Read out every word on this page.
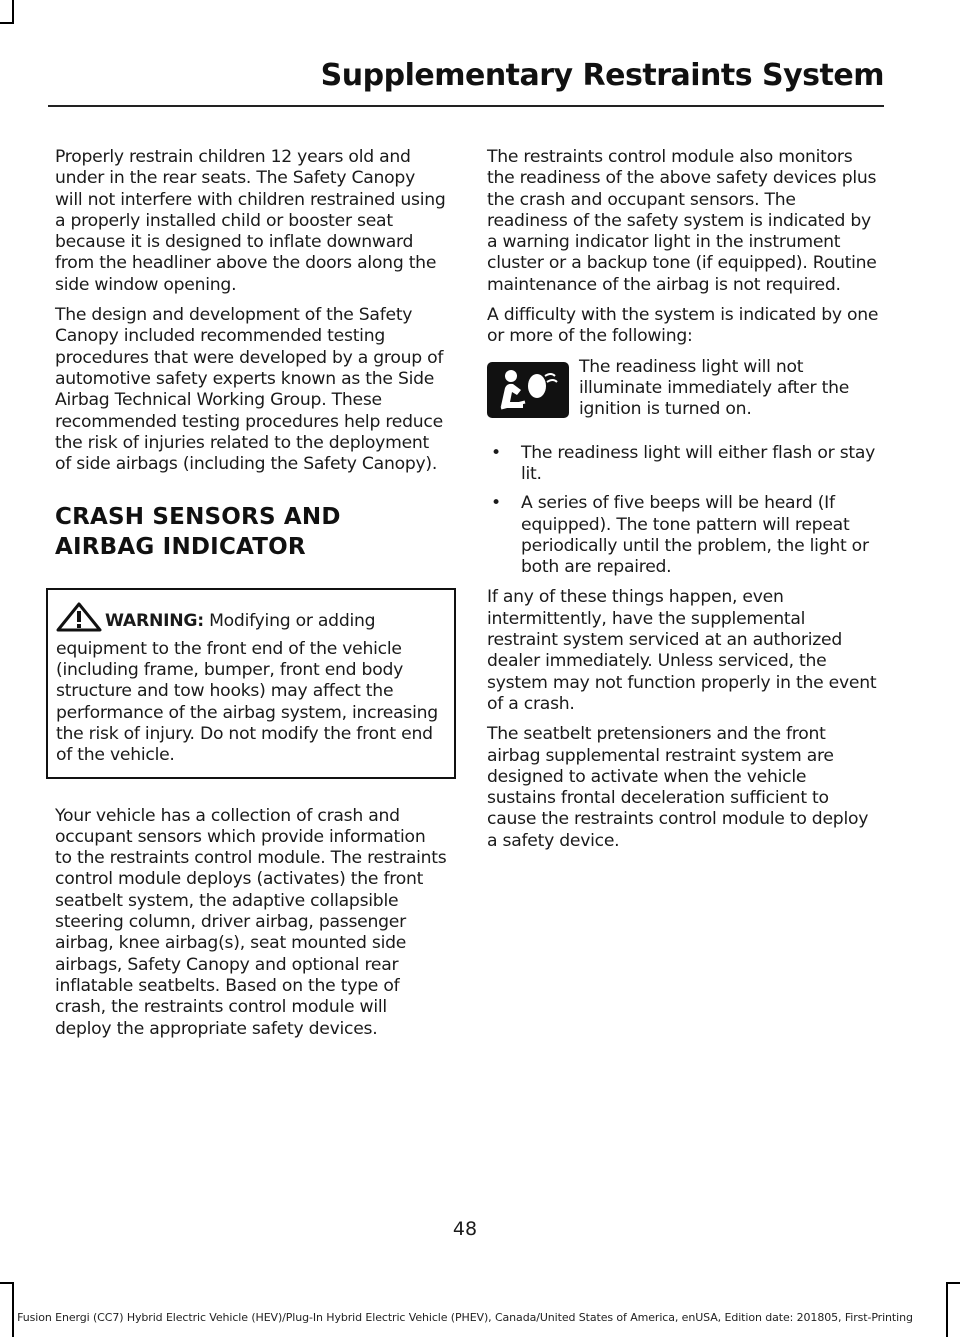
Supplementary Restraints System

Properly restrain children 12 years old and under in the rear seats. The Safety Canopy will not interfere with children restrained using a properly installed child or booster seat because it is designed to inflate downward from the headliner above the doors along the side window opening.

The design and development of the Safety Canopy included recommended testing procedures that were developed by a group of automotive safety experts known as the Side Airbag Technical Working Group. These recommended testing procedures help reduce the risk of injuries related to the deployment of side airbags (including the Safety Canopy).

CRASH SENSORS AND
AIRBAG INDICATOR
WARNING: Modifying or adding equipment to the front end of the vehicle (including frame, bumper, front end body structure and tow hooks) may affect the performance of the airbag system, increasing the risk of injury. Do not modify the front end of the vehicle.

Your vehicle has a collection of crash and occupant sensors which provide information to the restraints control module. The restraints control module deploys (activates) the front seatbelt system, the adaptive collapsible steering column, driver airbag, passenger airbag, knee airbag(s), seat mounted side airbags, Safety Canopy and optional rear inflatable seatbelts. Based on the type of crash, the restraints control module will deploy the appropriate safety devices.

The restraints control module also monitors the readiness of the above safety devices plus the crash and occupant sensors. The readiness of the safety system is indicated by a warning indicator light in the instrument cluster or a backup tone (if equipped). Routine maintenance of the airbag is not required.

A difficulty with the system is indicated by one or more of the following:

The readiness light will not illuminate immediately after the ignition is turned on.

• The readiness light will either flash or stay lit.
• A series of five beeps will be heard (If equipped). The tone pattern will repeat periodically until the problem, the light or both are repaired.

If any of these things happen, even intermittently, have the supplemental restraint system serviced at an authorized dealer immediately. Unless serviced, the system may not function properly in the event of a crash.

The seatbelt pretensioners and the front airbag supplemental restraint system are designed to activate when the vehicle sustains frontal deceleration sufficient to cause the restraints control module to deploy a safety device.

48
Fusion Energi (CC7) Hybrid Electric Vehicle (HEV)/Plug-In Hybrid Electric Vehicle (PHEV), Canada/United States of America, enUSA, Edition date: 201805, First-Printing
